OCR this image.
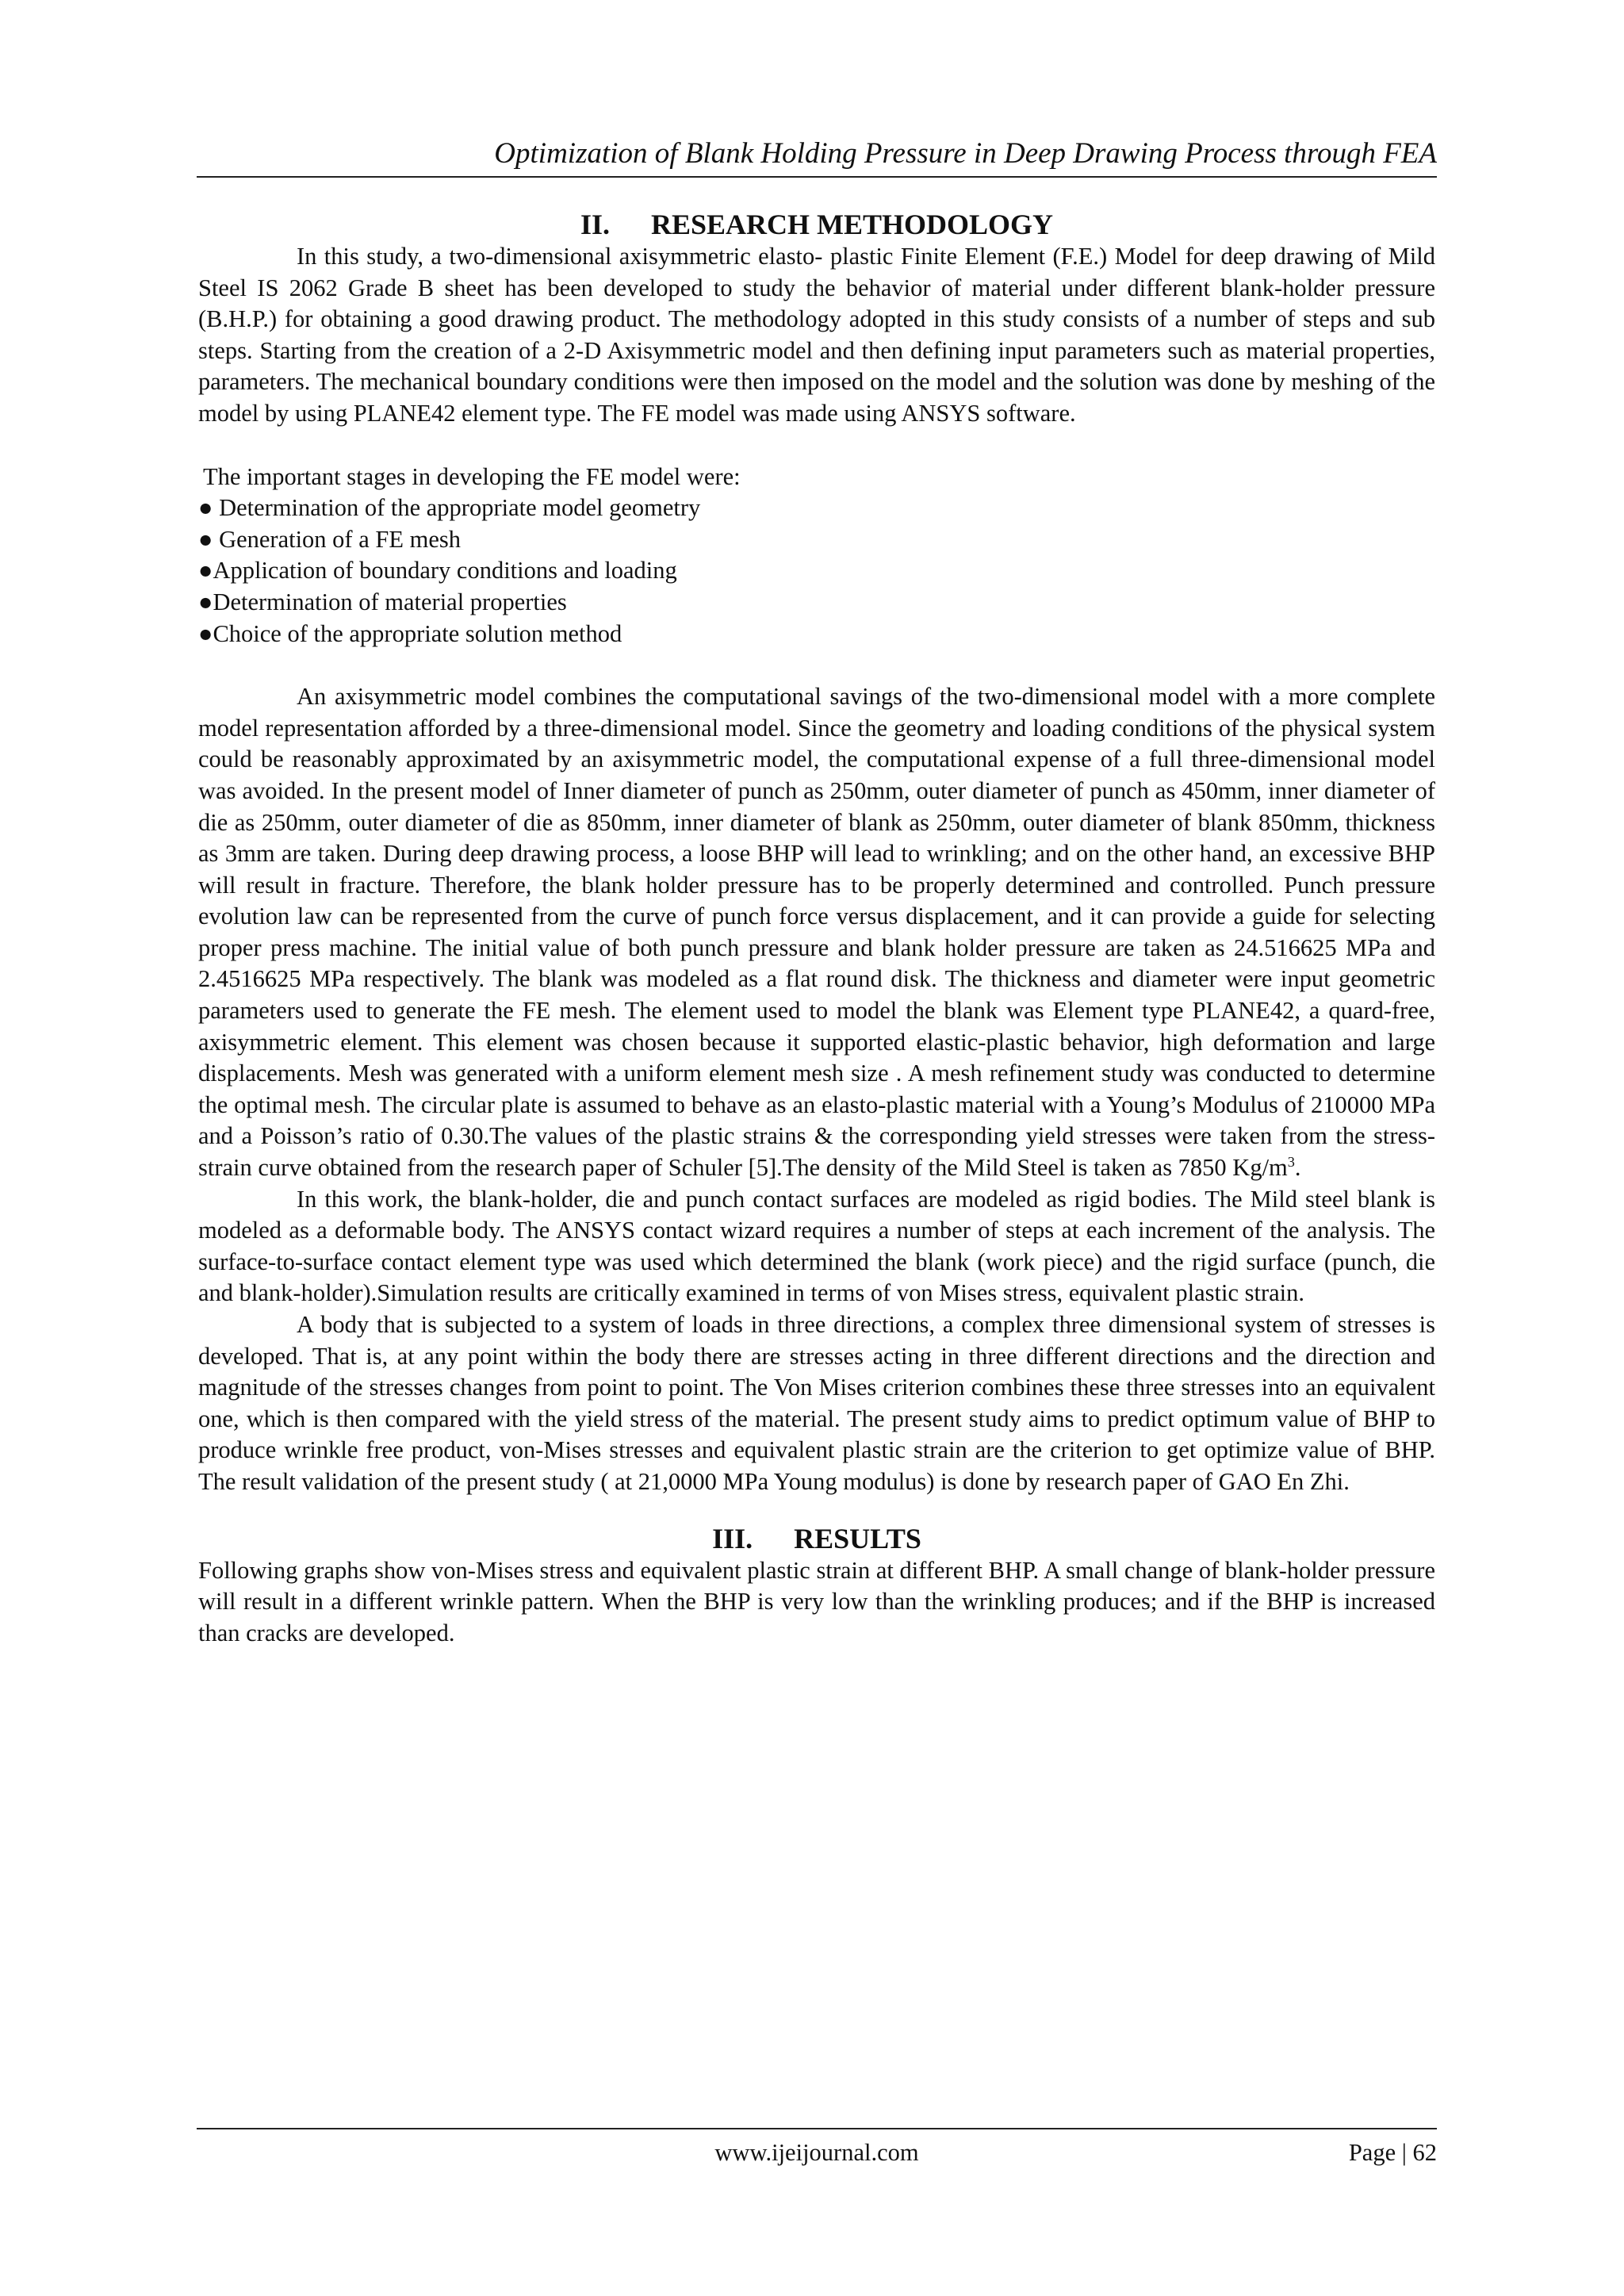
Optimization of Blank Holding Pressure in Deep Drawing Process through FEA
II. RESEARCH METHODOLOGY

In this study, a two-dimensional axisymmetric elasto- plastic Finite Element (F.E.) Model for deep drawing of Mild Steel IS 2062 Grade B sheet has been developed to study the behavior of material under different blank-holder pressure (B.H.P.) for obtaining a good drawing product. The methodology adopted in this study consists of a number of steps and sub steps. Starting from the creation of a 2-D Axisymmetric model and then defining input parameters such as material properties, parameters. The mechanical boundary conditions were then imposed on the model and the solution was done by meshing of the model by using PLANE42 element type. The FE model was made using ANSYS software.

The important stages in developing the FE model were:

● Determination of the appropriate model geometry
● Generation of a FE mesh
●Application of boundary conditions and loading
●Determination of material properties
●Choice of the appropriate solution method

An axisymmetric model combines the computational savings of the two-dimensional model with a more complete model representation afforded by a three-dimensional model. Since the geometry and loading conditions of the physical system could be reasonably approximated by an axisymmetric model, the computational expense of a full three-dimensional model was avoided. In the present model of Inner diameter of punch as 250mm, outer diameter of punch as 450mm, inner diameter of die as 250mm, outer diameter of die as 850mm, inner diameter of blank as 250mm, outer diameter of blank 850mm, thickness as 3mm are taken. During deep drawing process, a loose BHP will lead to wrinkling; and on the other hand, an excessive BHP will result in fracture. Therefore, the blank holder pressure has to be properly determined and controlled. Punch pressure evolution law can be represented from the curve of punch force versus displacement, and it can provide a guide for selecting proper press machine. The initial value of both punch pressure and blank holder pressure are taken as 24.516625 MPa and 2.4516625 MPa respectively. The blank was modeled as a flat round disk. The thickness and diameter were input geometric parameters used to generate the FE mesh. The element used to model the blank was Element type PLANE42, a quard-free, axisymmetric element. This element was chosen because it supported elastic-plastic behavior, high deformation and large displacements. Mesh was generated with a uniform element mesh size . A mesh refinement study was conducted to determine the optimal mesh. The circular plate is assumed to behave as an elasto-plastic material with a Young’s Modulus of 210000 MPa and a Poisson’s ratio of 0.30.The values of the plastic strains & the corresponding yield stresses were taken from the stress- strain curve obtained from the research paper of Schuler [5].The density of the Mild Steel is taken as 7850 $Kg/m^3$.

In this work, the blank-holder, die and punch contact surfaces are modeled as rigid bodies. The Mild steel blank is modeled as a deformable body. The ANSYS contact wizard requires a number of steps at each increment of the analysis. The surface-to-surface contact element type was used which determined the blank (work piece) and the rigid surface (punch, die and blank-holder).Simulation results are critically examined in terms of von Mises stress, equivalent plastic strain.

A body that is subjected to a system of loads in three directions, a complex three dimensional system of stresses is developed. That is, at any point within the body there are stresses acting in three different directions and the direction and magnitude of the stresses changes from point to point. The Von Mises criterion combines these three stresses into an equivalent one, which is then compared with the yield stress of the material. The present study aims to predict optimum value of BHP to produce wrinkle free product, von-Mises stresses and equivalent plastic strain are the criterion to get optimize value of BHP. The result validation of the present study ( at 21,0000 MPa Young modulus) is done by research paper of GAO En Zhi.

III. RESULTS

Following graphs show von-Mises stress and equivalent plastic strain at different BHP. A small change of blank-holder pressure will result in a different wrinkle pattern. When the BHP is very low than the wrinkling produces; and if the BHP is increased than cracks are developed.

www.ijeijournal.com	Page | 62
